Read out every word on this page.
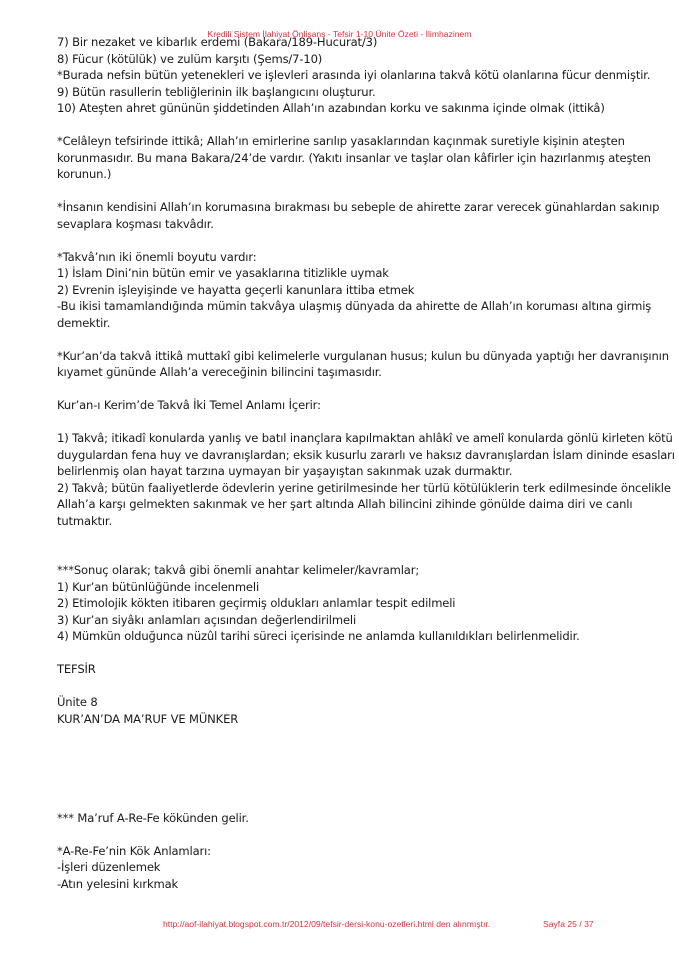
Kredili Sistem İlahiyat Önlisans - Tefsir 1-10 Ünite Özeti - İlimhazinem
7) Bir nezaket ve kibarlık erdemi (Bakara/189-Hucurat/3)
8) Fücur (kötülük) ve zulüm karşıtı (Şems/7-10)
*Burada nefsin bütün yetenekleri ve işlevleri arasında iyi olanlarına takvâ kötü olanlarına fücur denmiştir.
9) Bütün rasullerin tebliğlerinin ilk başlangıcını oluşturur.
10) Ateşten ahret gününün şiddetinden Allah’ın azabından korku ve sakınma içinde olmak (ittikâ)
*Celâleyn tefsirinde ittikâ; Allah’ın emirlerine sarılıp yasaklarından kaçınmak suretiyle kişinin ateşten
korunmasıdır. Bu mana Bakara/24’de vardır. (Yakıtı insanlar ve taşlar olan kâfirler için hazırlanmış ateşten
korunun.)
*İnsanın kendisini Allah’ın korumasına bırakması bu sebeple de ahirette zarar verecek günahlardan sakınıp
sevaplara koşması takvâdır.
*Takvâ’nın iki önemli boyutu vardır:
1) İslam Dini’nin bütün emir ve yasaklarına titizlikle uymak
2) Evrenin işleyişinde ve hayatta geçerli kanunlara ittiba etmek
-Bu ikisi tamamlandığında mümin takvâya ulaşmış dünyada da ahirette de Allah’ın koruması altına girmiş
demektir.
*Kur’an’da takvâ ittikâ muttakî gibi kelimelerle vurgulanan husus; kulun bu dünyada yaptığı her davranışının
kıyamet gününde Allah’a vereceğinin bilincini taşımasıdır.
Kur’an-ı Kerim’de Takvâ İki Temel Anlamı İçerir:
1) Takvâ; itikadî konularda yanlış ve batıl inançlara kapılmaktan ahlâkî ve amelî konularda gönlü kirleten kötü
duygulardan fena huy ve davranışlardan; eksik kusurlu zararlı ve haksız davranışlardan İslam dininde esasları
belirlenmiş olan hayat tarzına uymayan bir yaşayıştan sakınmak uzak durmaktır.
2) Takvâ; bütün faaliyetlerde ödevlerin yerine getirilmesinde her türlü kötülüklerin terk edilmesinde öncelikle
Allah’a karşı gelmekten sakınmak ve her şart altında Allah bilincini zihinde gönülde daima diri ve canlı
tutmaktır.
***Sonuç olarak; takvâ gibi önemli anahtar kelimeler/kavramlar;
1) Kur’an bütünlüğünde incelenmeli
2) Etimolojik kökten itibaren geçirmiş oldukları anlamlar tespit edilmeli
3) Kur’an siyâkı anlamları açısından değerlendirilmeli
4) Mümkün olduğunca nüzûl tarihi süreci içerisinde ne anlamda kullanıldıkları belirlenmelidir.
TEFSİR
Ünite 8
KUR’AN’DA MA’RUF VE MÜNKER
*** Ma’ruf A-Re-Fe kökünden gelir.
*A-Re-Fe’nin Kök Anlamları:
-İşleri düzenlemek
-Atın yelesini kırkmak
http://aof-ilahiyat.blogspot.com.tr/2012/09/tefsir-dersi-konu-ozetleri.html den alınmıştır.	Sayfa 25 / 37
